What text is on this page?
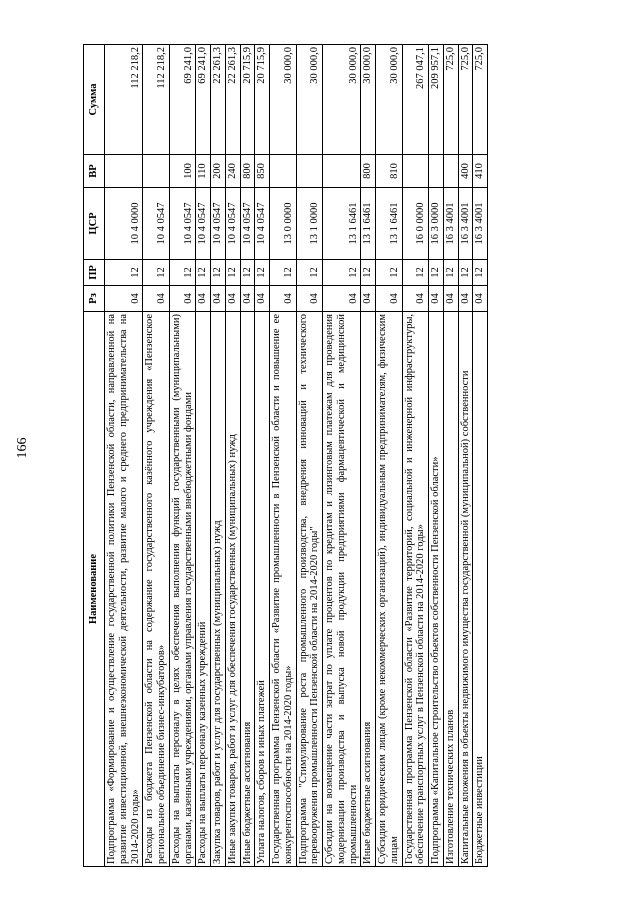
166
Наименование	Рз	ПР	ЦСР	ВР	Сумма
Подпрограмма «Формирование и осуществление государственной политики Пензенской области, направленной на развитие инвестиционной, внешнеэкономической деятельности, развитие малого и среднего предпринимательства на 2014-2020 годы»	04	12	10 4 0000		112 218,2
Расходы из бюджета Пензенской области на содержание государственного казённого учреждения «Пензенское региональное объединение бизнес-инкубаторов»	04	12	10 4 0547		112 218,2
Расходы на выплаты персоналу в целях обеспечения выполнения функций государственными (муниципальными) органами, казенными учреждениями, органами управления государственными внебюджетными фондами	04	12	10 4 0547	100	69 241,0
Расходы на выплаты персоналу казенных учреждений	04	12	10 4 0547	110	69 241,0
Закупка товаров, работ и услуг для государственных (муниципальных) нужд	04	12	10 4 0547	200	22 261,3
Иные закупки товаров, работ и услуг для обеспечения государственных (муниципальных) нужд	04	12	10 4 0547	240	22 261,3
Иные бюджетные ассигнования	04	12	10 4 0547	800	20 715,9
Уплата налогов, сборов и иных платежей	04	12	10 4 0547	850	20 715,9
Государственная программа Пензенской области «Развитие промышленности в Пензенской области и повышение ее конкурентоспособности на 2014-2020 годы»	04	12	13 0 0000		30 000,0
Подпрограмма "Стимулирование роста промышленного производства, внедрения инноваций и технического перевооружения промышленности Пензенской области на 2014-2020 годы"	04	12	13 1 0000		30 000,0
Субсидии на возмещение части затрат по уплате процентов по кредитам и лизинговым платежам для проведения модернизации производства и выпуска новой продукции предприятиями фармацевтической и медицинской промышленности	04	12	13 1 6461		30 000,0
Иные бюджетные ассигнования	04	12	13 1 6461	800	30 000,0
Субсидии юридическим лицам (кроме некоммерческих организаций), индивидуальным предпринимателям, физическим лицам	04	12	13 1 6461	810	30 000,0
Государственная программа Пензенской области «Развитие территорий, социальной и инженерной инфраструктуры, обеспечение транспортных услуг в Пензенской области на 2014-2020 годы»	04	12	16 0 0000		267 047,1
Подпрограмма «Капитальное строительство объектов собственности Пензенской области»	04	12	16 3 0000		209 957,1
Изготовление технических планов	04	12	16 3 4001		725,0
Капитальные вложения в объекты недвижимого имущества государственной (муниципальной) собственности	04	12	16 3 4001	400	725,0
Бюджетные инвестиции	04	12	16 3 4001	410	725,0
